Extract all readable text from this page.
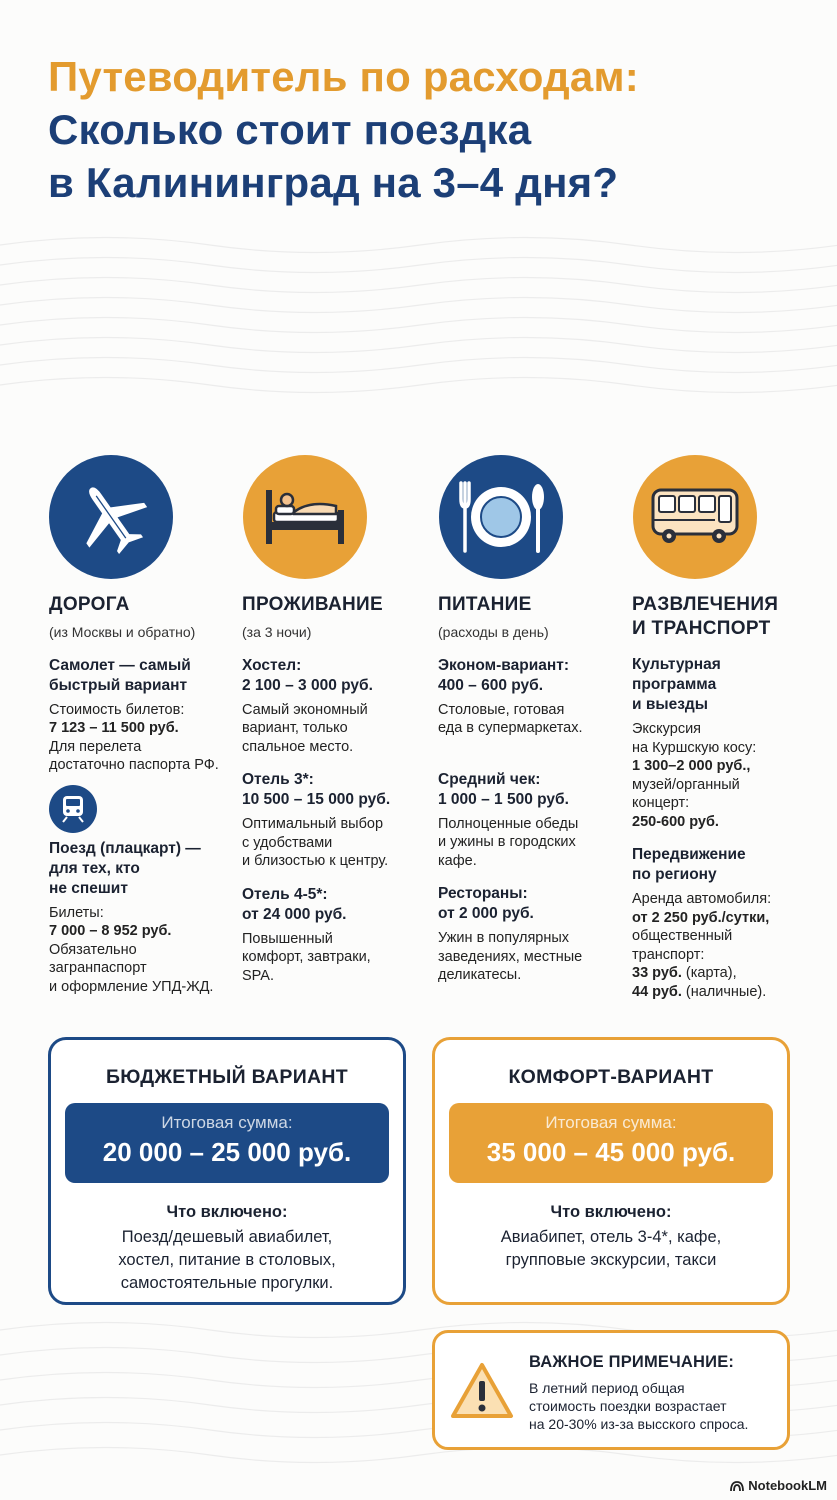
Путеводитель по расходам:
Сколько стоит поездка
в Калининград на 3–4 дня?
ДОРОГА

(из Москвы и обратно)

Самолет — самый

быстрый вариант

Стоимость билетов:

7 123 – 11 500 руб.

Для перелета

достаточно паспорта РФ.

Поезд (плацкарт) —

для тех, кто

не спешит

Билеты:

7 000 – 8 952 руб.

Обязательно

загранпаспорт

и оформление УПД-ЖД.

ПРОЖИВАНИЕ

(за 3 ночи)

Хостел:

2 100 – 3 000 руб.

Самый экономный

вариант, только

спальное место.

Отель 3*:

10 500 – 15 000 руб.

Оптимальный выбор

с удобствами

и близостью к центру.

Отель 4-5*:

от 24 000 руб.

Повышенный

комфорт, завтраки,

SPA.

ПИТАНИЕ

(расходы в день)

Эконом-вариант:

400 – 600 руб.

Столовые, готовая

еда в супермаркетах.

Средний чек:

1 000 – 1 500 руб.

Полноценные обеды

и ужины в городских

кафе.

Рестораны:

от 2 000 руб.

Ужин в популярных

заведениях, местные

деликатесы.

РАЗВЛЕЧЕНИЯ
И ТРАНСПОРТ

Культурная

программа

и выезды

Экскурсия

на Куршскую косу:

1 300–2 000 руб.,

музей/органный

концерт:

250-600 руб.

Передвижение

по региону

Аренда автомобиля:

от 2 250 руб./сутки,

общественный

транспорт:

33 руб. (карта),

44 руб. (наличные).

БЮДЖЕТНЫЙ ВАРИАНТ
Итоговая сумма:
20 000 – 25 000 руб.

Что включено:

Поезд/дешевый авиабилет,

хостел, питание в столовых,

самостоятельные прогулки.

КОМФОРТ-ВАРИАНТ
Итоговая сумма:
35 000 – 45 000 руб.

Что включено:

Авиабипет, отель 3-4*, кафе,

групповые экскурсии, такси

ВАЖНОЕ ПРИМЕЧАНИЕ:
В летний период общая
стоимость поездки возрастает
на 20-30% из-за высского спроса.
NotebookLM
